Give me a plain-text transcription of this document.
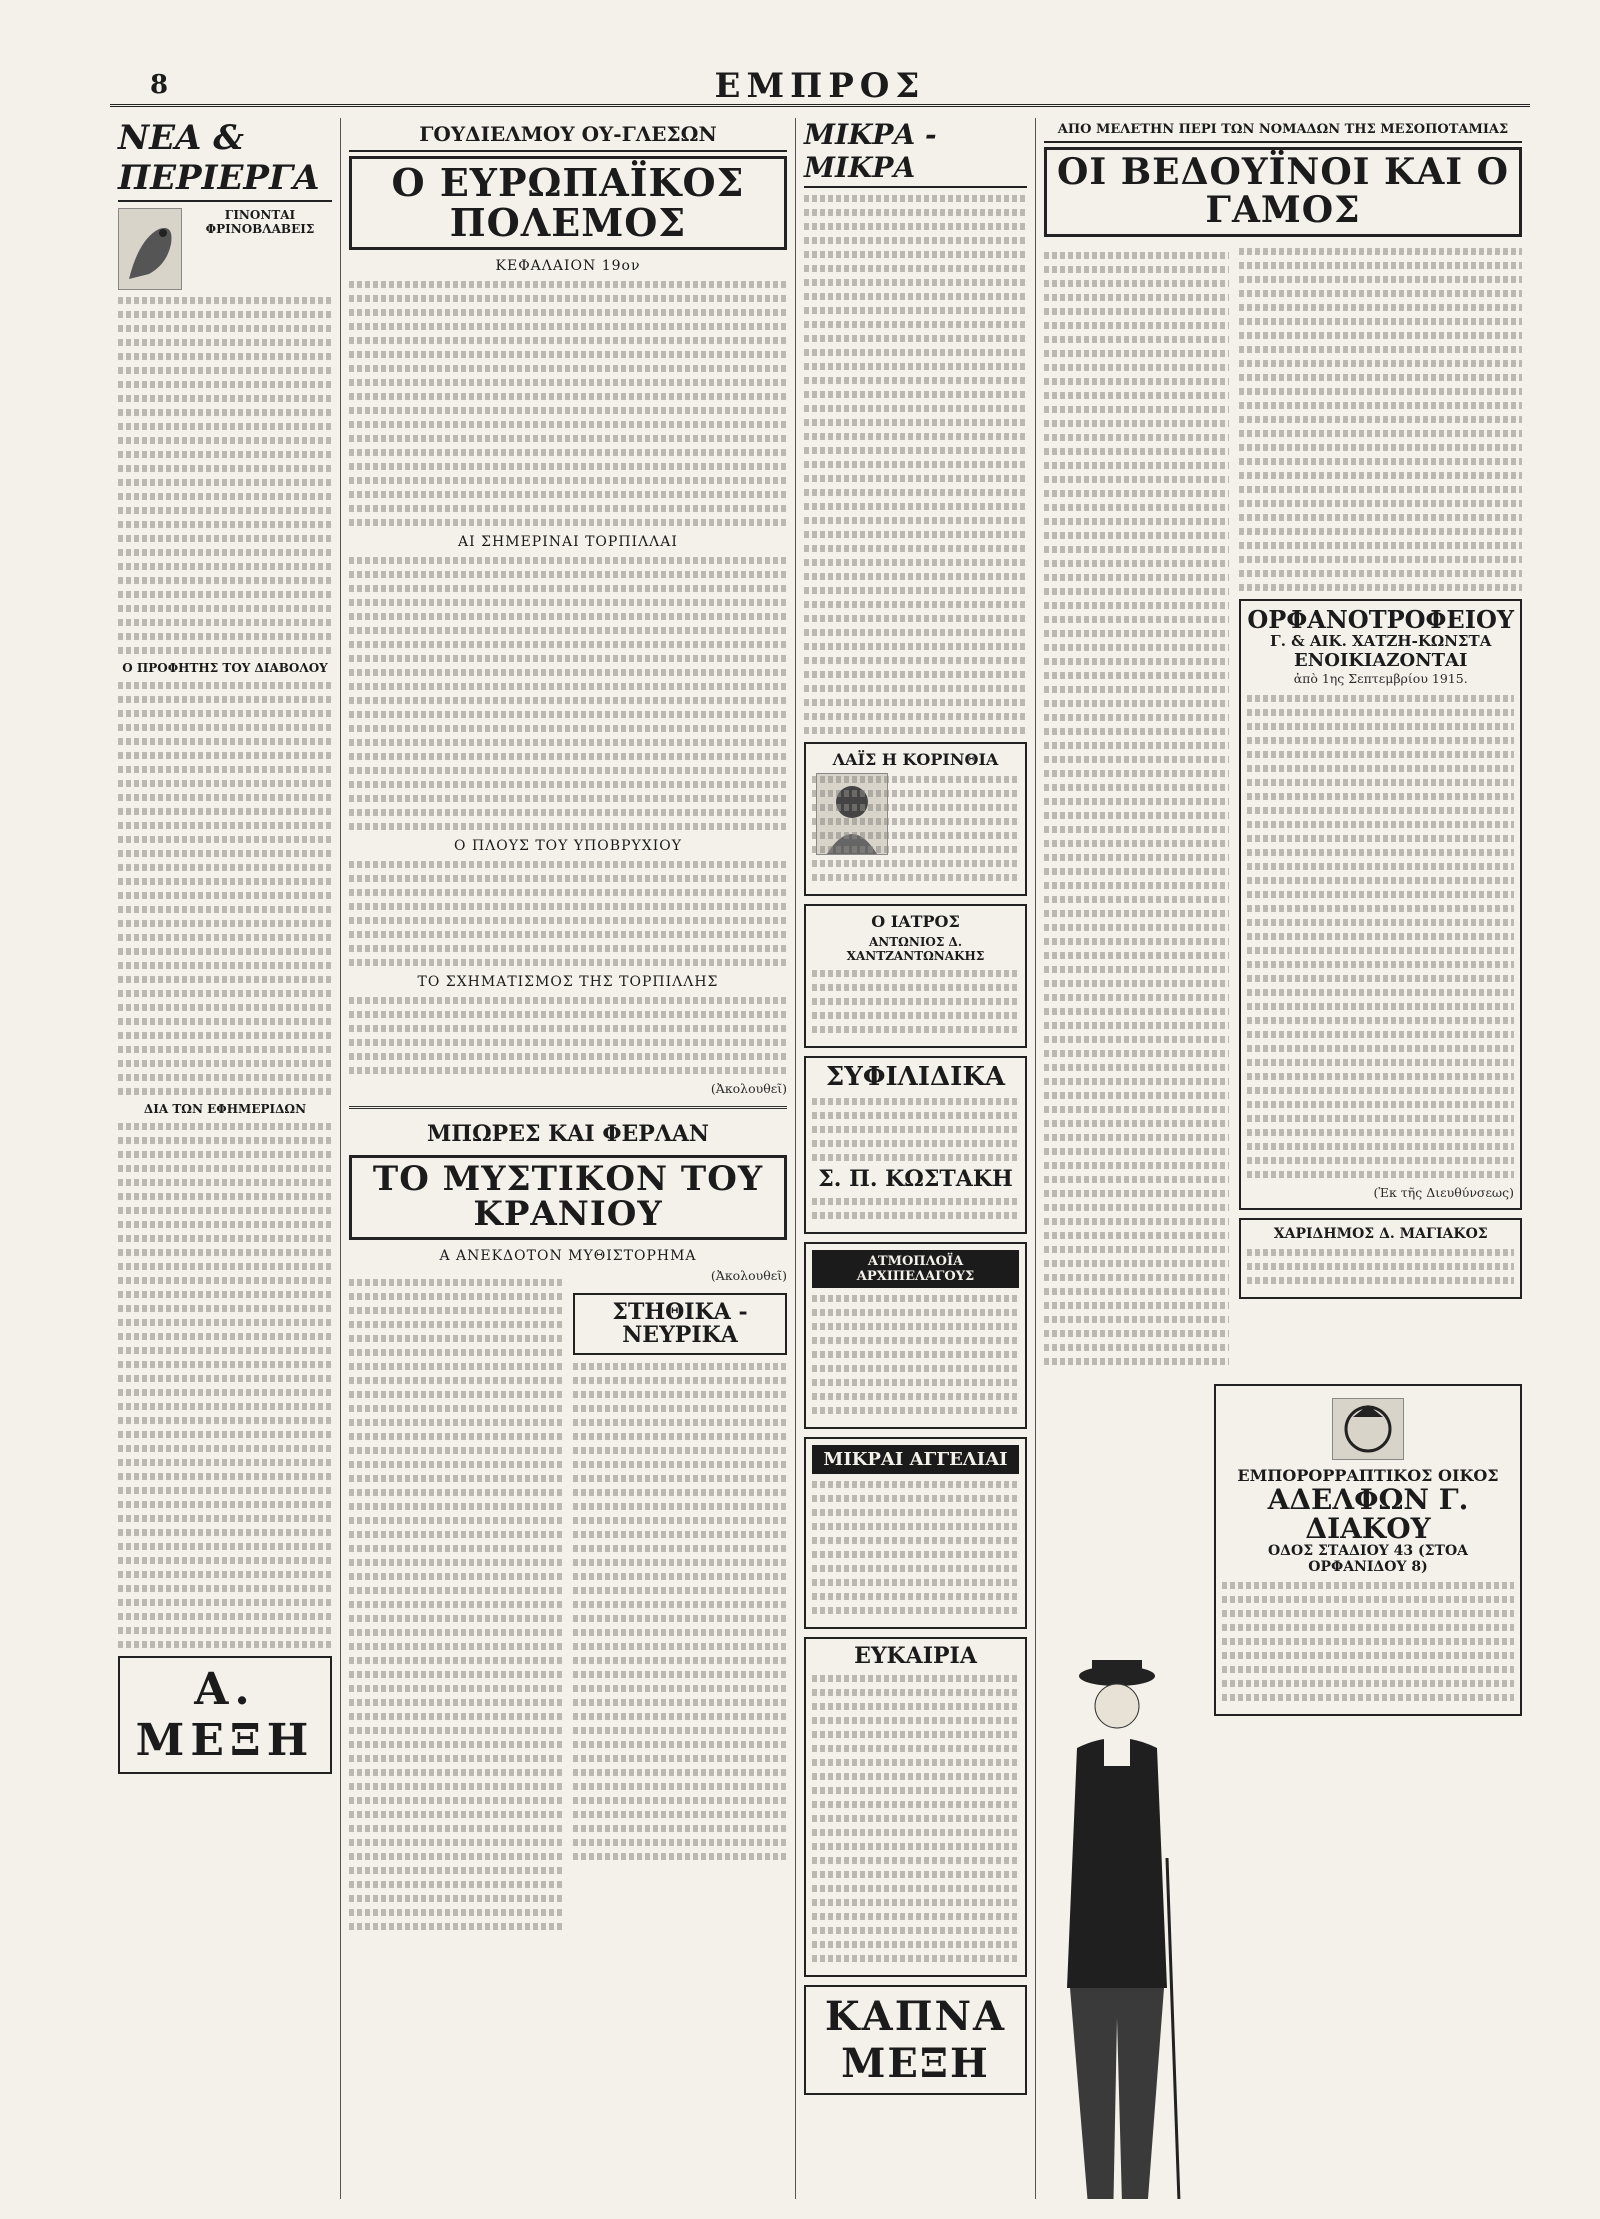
8	ΕΜΠΡΟΣ
ΝΕΑ & ΠΕΡΙΕΡΓΑ
ΓΙΝΟΝΤΑΙ ΦΡΙΝΟΒΛΑΒΕΙΣ
Ο ΠΡΟΦΗΤΗΣ ΤΟΥ ΔΙΑΒΟΛΟΥ
ΔΙΑ ΤΩΝ ΕΦΗΜΕΡΙΔΩΝ
Α. ΜΕΞΗ
ΓΟΥΔΙΕΛΜΟΥ ΟΥ-ΓΛΕΣΩΝ
Ο ΕΥΡΩΠΑΪΚΟΣ ΠΟΛΕΜΟΣ
ΚΕΦΑΛΑΙΟΝ 19ον
ΑΙ ΣΗΜΕΡΙΝΑΙ ΤΟΡΠΙΛΛΑΙ
Ο ΠΛΟΥΣ ΤΟΥ ΥΠΟΒΡΥΧΙΟΥ
ΤΟ ΣΧΗΜΑΤΙΣΜΟΣ ΤΗΣ ΤΟΡΠΙΛΛΗΣ
(Ἀκολουθεῖ)
ΜΠΩΡΕΣ ΚΑΙ ΦΕΡΛΑΝ
ΤΟ ΜΥΣΤΙΚΟΝ ΤΟΥ ΚΡΑΝΙΟΥ
Α ΑΝΕΚΔΟΤΟΝ ΜΥΘΙΣΤΟΡΗΜΑ
(Ἀκολουθεῖ)
ΣΤΗΘΙΚΑ - ΝΕΥΡΙΚΑ
ΜΙΚΡΑ - ΜΙΚΡΑ
ΛΑΪΣ Η ΚΟΡΙΝΘΙΑ
Ο ΙΑΤΡΟΣ
ΑΝΤΩΝΙΟΣ Δ. ΧΑΝΤΖΑΝΤΩΝΑΚΗΣ
ΣΥΦΙΛΙΔΙΚΑ
Σ. Π. ΚΩΣΤΑΚΗ
ΑΤΜΟΠΛΟΪΑ ΑΡΧΙΠΕΛΑΓΟΥΣ
ΜΙΚΡΑΙ ΑΓΓΕΛΙΑΙ
ΕΥΚΑΙΡΙΑ
ΚΑΠΝΑ ΜΕΞΗ
ΑΠΟ ΜΕΛΕΤΗΝ ΠΕΡΙ ΤΩΝ ΝΟΜΑΔΩΝ ΤΗΣ ΜΕΣΟΠΟΤΑΜΙΑΣ
ΟΙ ΒΕΔΟΥΪΝΟΙ ΚΑΙ Ο ΓΑΜΟΣ
ΟΡΦΑΝΟΤΡΟΦΕΙΟΥ
Γ. & ΑΙΚ. ΧΑΤΖΗ-ΚΩΝΣΤΑ
ΕΝΟΙΚΙΑΖΟΝΤΑΙ
ἀπὸ 1ης Σεπτεμβρίου 1915.
(Ἐκ τῆς Διευθύνσεως)
ΧΑΡΙΔΗΜΟΣ Δ. ΜΑΓΙΑΚΟΣ
ΕΜΠΟΡΟΡΡΑΠΤΙΚΟΣ ΟΙΚΟΣ
ΑΔΕΛΦΩΝ Γ. ΔΙΑΚΟΥ
ΟΔΟΣ ΣΤΑΔΙΟΥ 43 (ΣΤΟΑ ΟΡΦΑΝΙΔΟΥ 8)
